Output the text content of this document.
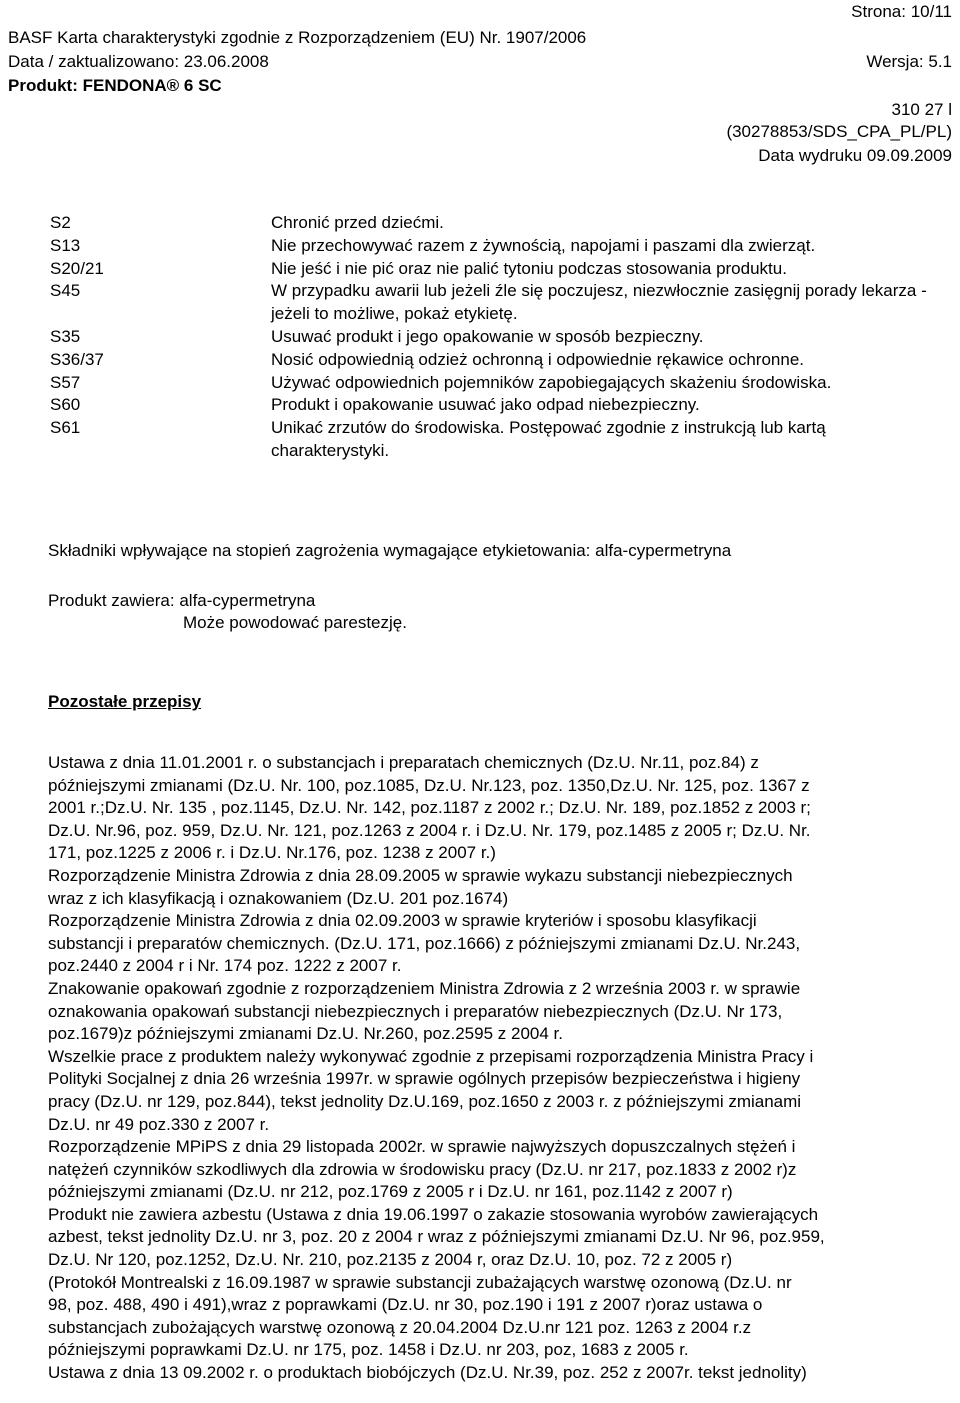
Strona: 10/11
BASF Karta charakterystyki zgodnie z Rozporządzeniem (EU) Nr. 1907/2006
Data / zaktualizowano: 23.06.2008	Wersja: 5.1
Produkt: FENDONA® 6 SC
310 27 l
(30278853/SDS_CPA_PL/PL)
Data wydruku 09.09.2009
S2	Chronić przed dziećmi.
S13	Nie przechowywać razem z żywnością, napojami i paszami dla zwierząt.
S20/21	Nie jeść i nie pić oraz nie palić tytoniu podczas stosowania produktu.
S45	W przypadku awarii lub jeżeli źle się poczujesz, niezwłocznie zasięgnij porady lekarza - jeżeli to możliwe, pokaż etykietę.
S35	Usuwać produkt i jego opakowanie w sposób bezpieczny.
S36/37	Nosić odpowiednią odzież ochronną i odpowiednie rękawice ochronne.
S57	Używać odpowiednich pojemników zapobiegających skażeniu środowiska.
S60	Produkt i opakowanie usuwać jako odpad niebezpieczny.
S61	Unikać zrzutów do środowiska. Postępować zgodnie z instrukcją lub kartą charakterystyki.
Składniki wpływające na stopień zagrożenia wymagające etykietowania: alfa-cypermetryna
Produkt zawiera: alfa-cypermetryna
Może powodować parestezję.
Pozostałe przepisy
Ustawa z dnia 11.01.2001 r. o substancjach i preparatach chemicznych (Dz.U. Nr.11, poz.84) z
późniejszymi zmianami (Dz.U. Nr. 100, poz.1085, Dz.U. Nr.123, poz. 1350,Dz.U. Nr. 125, poz. 1367 z
2001 r.;Dz.U. Nr. 135 , poz.1145, Dz.U. Nr. 142, poz.1187 z 2002 r.; Dz.U. Nr. 189, poz.1852 z 2003 r;
Dz.U. Nr.96, poz. 959, Dz.U. Nr. 121, poz.1263 z 2004 r. i Dz.U. Nr. 179, poz.1485 z 2005 r; Dz.U. Nr.
171, poz.1225 z 2006 r. i Dz.U. Nr.176, poz. 1238 z 2007 r.)
Rozporządzenie Ministra Zdrowia z dnia 28.09.2005 w sprawie wykazu substancji niebezpiecznych
wraz z ich klasyfikacją i oznakowaniem (Dz.U. 201 poz.1674)
Rozporządzenie Ministra Zdrowia z dnia 02.09.2003 w sprawie kryteriów i sposobu klasyfikacji
substancji i preparatów chemicznych. (Dz.U. 171, poz.1666) z późniejszymi zmianami Dz.U. Nr.243,
poz.2440 z 2004 r i Nr. 174 poz. 1222 z 2007 r.
Znakowanie opakowań zgodnie z rozporządzeniem Ministra Zdrowia z 2 września 2003 r. w sprawie
oznakowania opakowań substancji niebezpiecznych i preparatów niebezpiecznych (Dz.U. Nr 173,
poz.1679)z późniejszymi zmianami Dz.U. Nr.260, poz.2595 z 2004 r.
Wszelkie prace z produktem należy wykonywać zgodnie z przepisami rozporządzenia Ministra Pracy i
Polityki Socjalnej z dnia 26 września 1997r. w sprawie ogólnych przepisów bezpieczeństwa i higieny
pracy (Dz.U. nr 129, poz.844), tekst jednolity Dz.U.169, poz.1650 z 2003 r. z późniejszymi zmianami
Dz.U. nr 49 poz.330 z 2007 r.
Rozporządzenie MPiPS z dnia 29 listopada 2002r. w sprawie najwyższych dopuszczalnych stężeń i
natężeń czynników szkodliwych dla zdrowia w środowisku pracy (Dz.U. nr 217, poz.1833 z 2002 r)z
późniejszymi zmianami (Dz.U. nr 212, poz.1769 z 2005 r i Dz.U. nr 161, poz.1142 z 2007 r)
Produkt nie zawiera azbestu (Ustawa z dnia 19.06.1997 o zakazie stosowania wyrobów zawierających
azbest, tekst jednolity Dz.U. nr 3, poz. 20 z 2004 r wraz z późniejszymi zmianami Dz.U. Nr 96, poz.959,
Dz.U. Nr 120, poz.1252, Dz.U. Nr. 210, poz.2135 z 2004 r, oraz Dz.U. 10, poz. 72 z 2005 r)
(Protokół Montrealski z 16.09.1987 w sprawie substancji zubażających warstwę ozonową (Dz.U. nr
98, poz. 488, 490 i 491),wraz z poprawkami (Dz.U. nr 30, poz.190 i 191 z 2007 r)oraz ustawa o
substancjach zubożających warstwę ozonową z 20.04.2004 Dz.U.nr 121 poz. 1263 z 2004 r.z
późniejszymi poprawkami Dz.U. nr 175, poz. 1458 i Dz.U. nr 203, poz, 1683 z 2005 r.
Ustawa z dnia 13 09.2002 r. o produktach biobójczych (Dz.U. Nr.39, poz. 252 z 2007r. tekst jednolity)
